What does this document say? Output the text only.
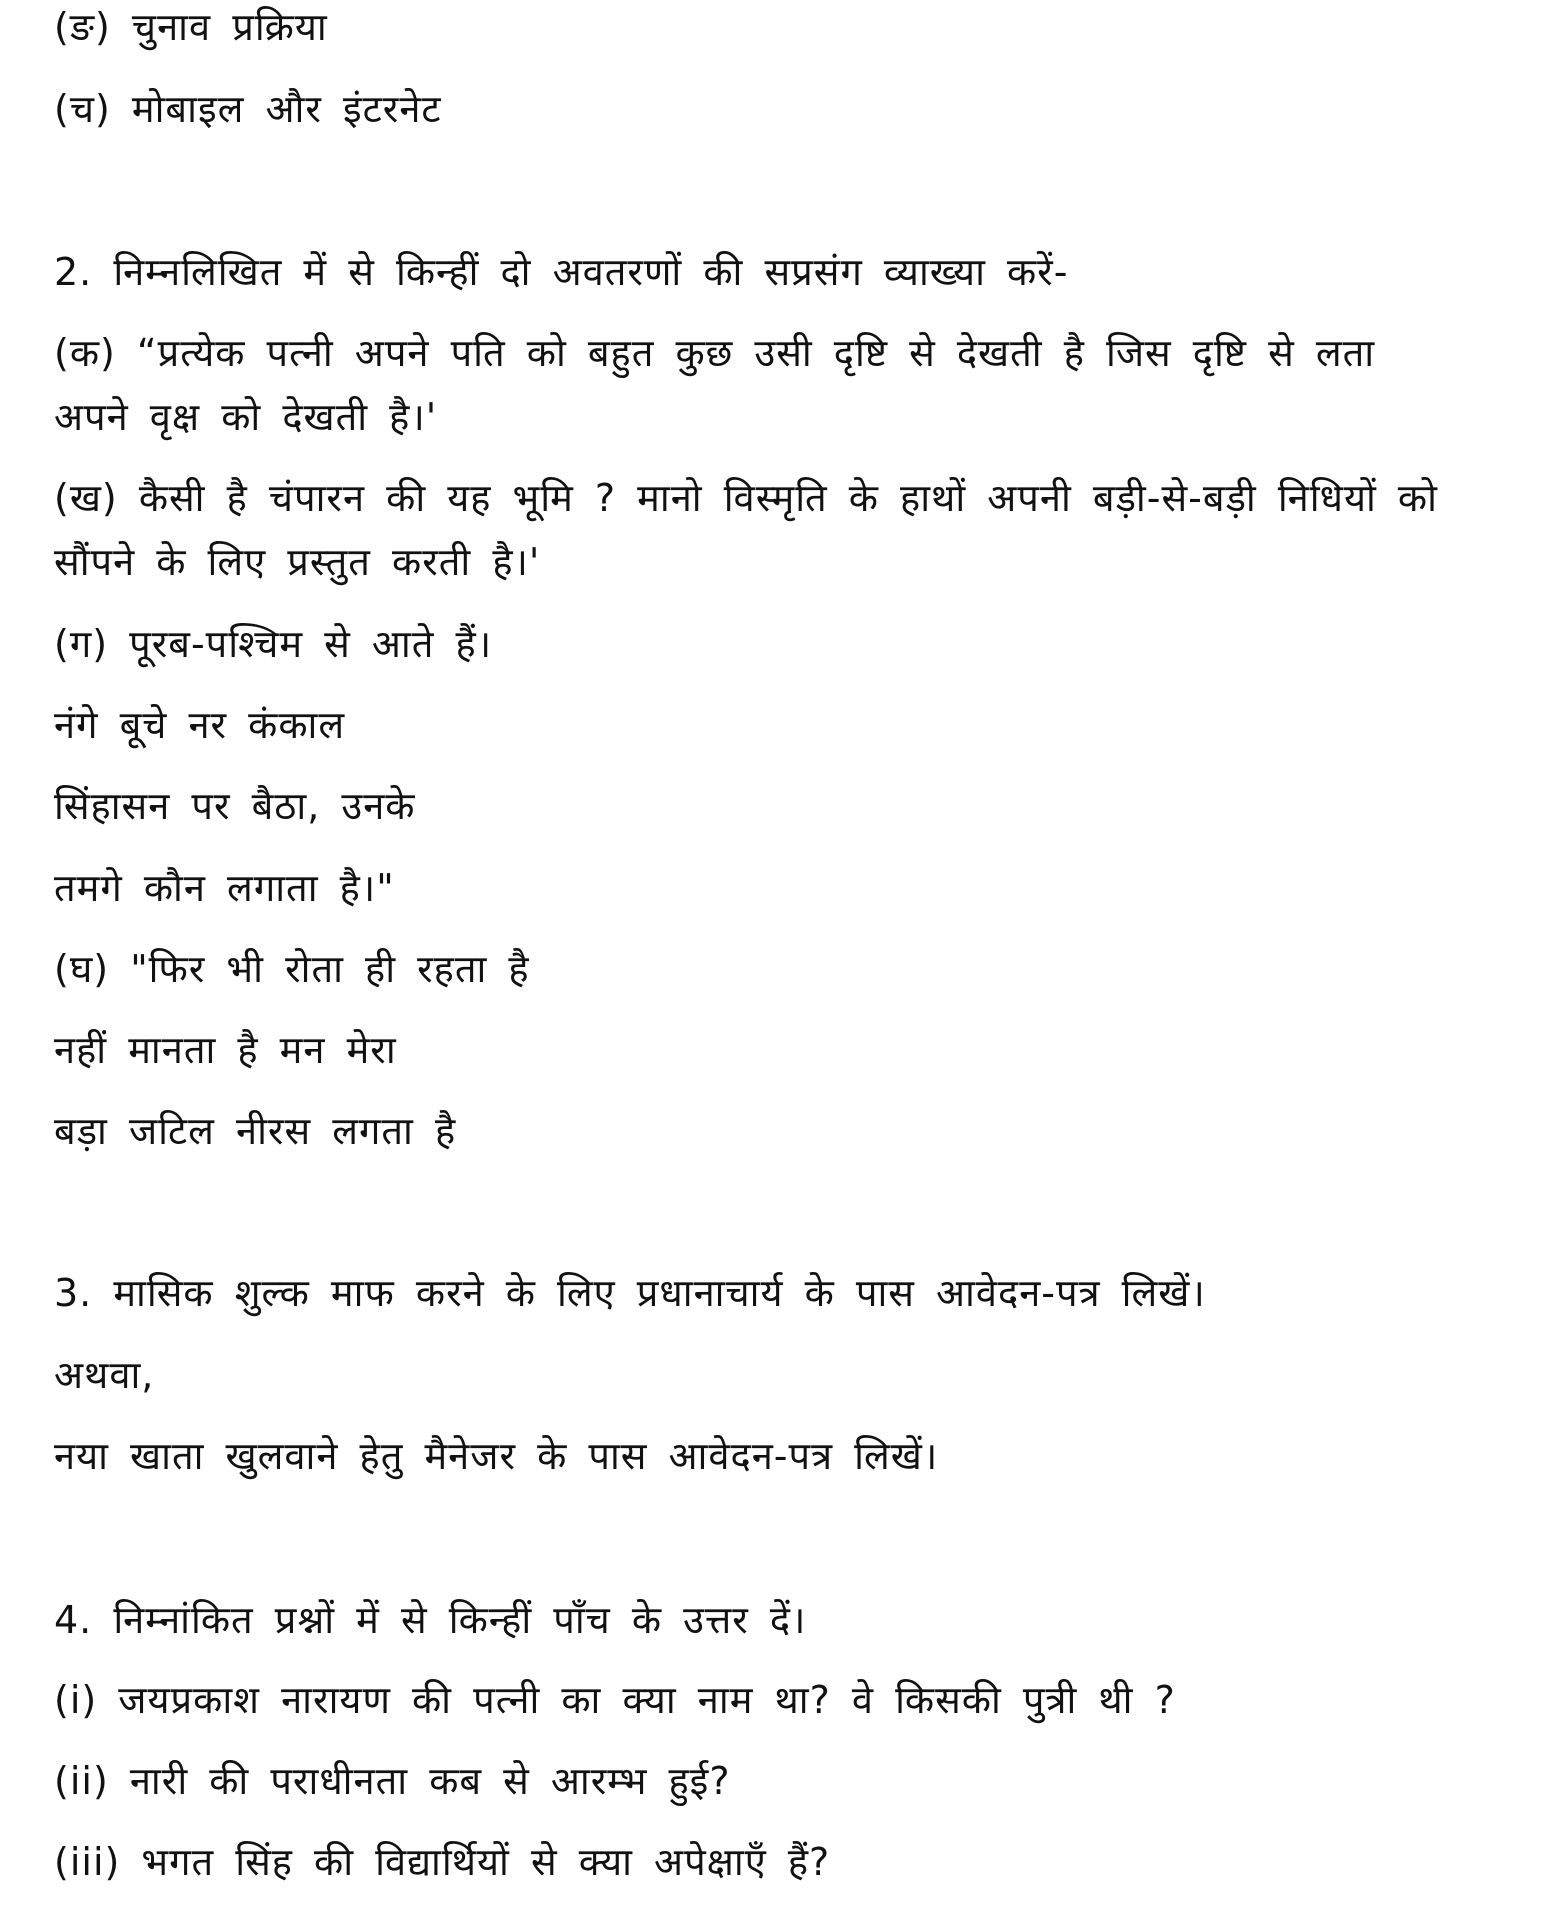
(ङ) चुनाव प्रक्रिया
(च) मोबाइल और इंटरनेट
2. निम्नलिखित में से किन्हीं दो अवतरणों की सप्रसंग व्याख्या करें-
(क) “प्रत्येक पत्नी अपने पति को बहुत कुछ उसी दृष्टि से देखती है जिस दृष्टि से लता
अपने वृक्ष को देखती है।'
(ख) कैसी है चंपारन की यह भूमि ? मानो विस्मृति के हाथों अपनी बड़ी-से-बड़ी निधियों को
सौंपने के लिए प्रस्तुत करती है।'
(ग) पूरब-पश्चिम से आते हैं।
नंगे बूचे नर कंकाल
सिंहासन पर बैठा, उनके
तमगे कौन लगाता है।"
(घ) "फिर भी रोता ही रहता है
नहीं मानता है मन मेरा
बड़ा जटिल नीरस लगता है
3. मासिक शुल्क माफ करने के लिए प्रधानाचार्य के पास आवेदन-पत्र लिखें।
अथवा,
नया खाता खुलवाने हेतु मैनेजर के पास आवेदन-पत्र लिखें।
4. निम्नांकित प्रश्नों में से किन्हीं पाँच के उत्तर दें।
(i) जयप्रकाश नारायण की पत्नी का क्या नाम था? वे किसकी पुत्री थी ?
(ii) नारी की पराधीनता कब से आरम्भ हुई?
(iii) भगत सिंह की विद्यार्थियों से क्या अपेक्षाएँ हैं?
